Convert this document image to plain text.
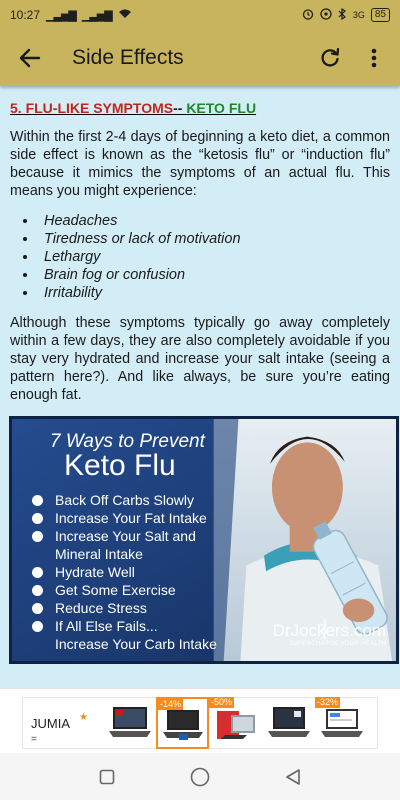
10:27 ▁▃▅▇ ▁▃▅▇	3G	85
Side Effects
5. FLU-LIKE SYMPTOMS-- KETO FLU

Within the first 2-4 days of beginning a keto diet, a common side effect is known as the “ketosis flu” or “induction flu” because it mimics the symptoms of an actual flu. This means you might experience:

• Headaches
• Tiredness or lack of motivation
• Lethargy
• Brain fog or confusion
• Irritability

Although these symptoms typically go away completely within a few days, they are also completely avoidable if you stay very hydrated and increase your salt intake (seeing a pattern here?). And like always, be sure you’re eating enough fat.

7 Ways to Prevent
Keto Flu
Back Off Carbs Slowly
Increase Your Fat Intake
Increase Your Salt and
Mineral Intake
Hydrate Well
Get Some Exercise
Reduce Stress
If All Else Fails...
Increase Your Carb Intake
DrJockers.com
SUPERCHARGE YOUR HEALTH
JUMIA ★
=
-14%	-50%	-32%
